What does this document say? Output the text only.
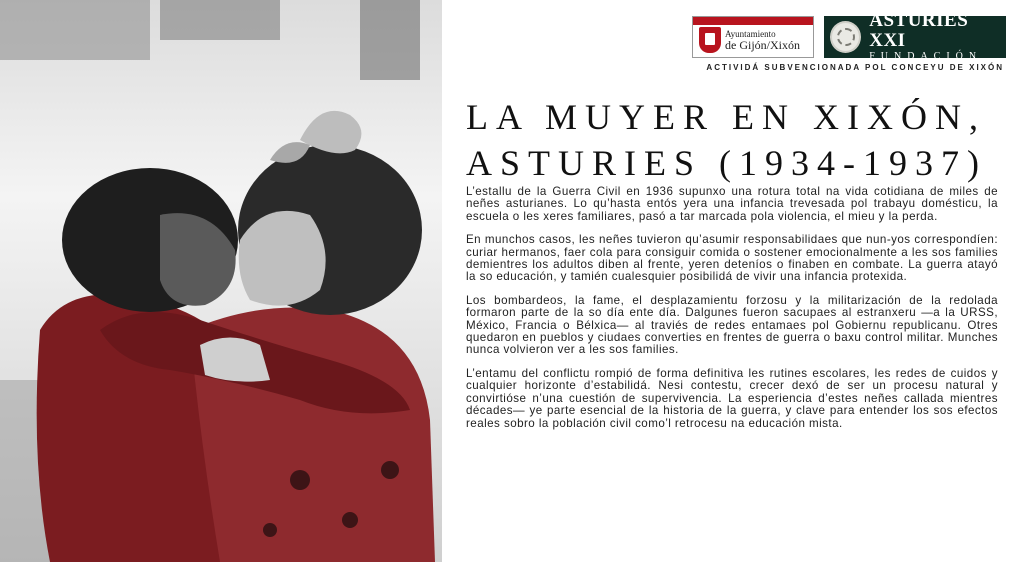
Ayuntamiento
de Gijón/Xixón
ASTURIES XXI
FUNDACIÓN
ACTIVIDÁ SUBVENCIONADA POL CONCEYU DE XIXÓN
LA MUYER EN XIXÓN,
ASTURIES (1934-1937)

L’estallu de la Guerra Civil en 1936 supunxo una rotura total na vida cotidiana de miles de neñes asturianes. Lo qu’hasta entós yera una infancia trevesada pol trabayu domésticu, la escuela o les xeres familiares, pasó a tar marcada pola violencia, el mieu y la perda.

En munchos casos, les neñes tuvieron qu’asumir responsabilidaes que nun-yos correspondíen: curiar hermanos, faer cola para consiguir comida o sostener emocionalmente a les sos families demientres los adultos diben al frente, yeren deteníos o finaben en combate. La guerra atayó la so educación, y tamién cualesquier posibilidá de vivir una infancia protexida.

Los bombardeos, la fame, el desplazamientu forzosu y la militarización de la redolada formaron parte de la so día ente día. Dalgunes fueron sacupaes al estranxeru —a la URSS, México, Francia o Bélxica— al traviés de redes entamaes pol Gobiernu republicanu. Otres quedaron en pueblos y ciudaes converties en frentes de guerra o baxu control militar. Munches nunca volvieron ver a les sos families.

L’entamu del conflictu rompió de forma definitiva les rutines escolares, les redes de cuidos y cualquier horizonte d’estabilidá. Nesi contestu, crecer dexó de ser un procesu natural y convirtióse n’una cuestión de supervivencia. La esperiencia d’estes neñes callada mientres décades— ye parte esencial de la historia de la guerra, y clave para entender los sos efectos reales sobro la población civil como’l retrocesu na educación mista.
